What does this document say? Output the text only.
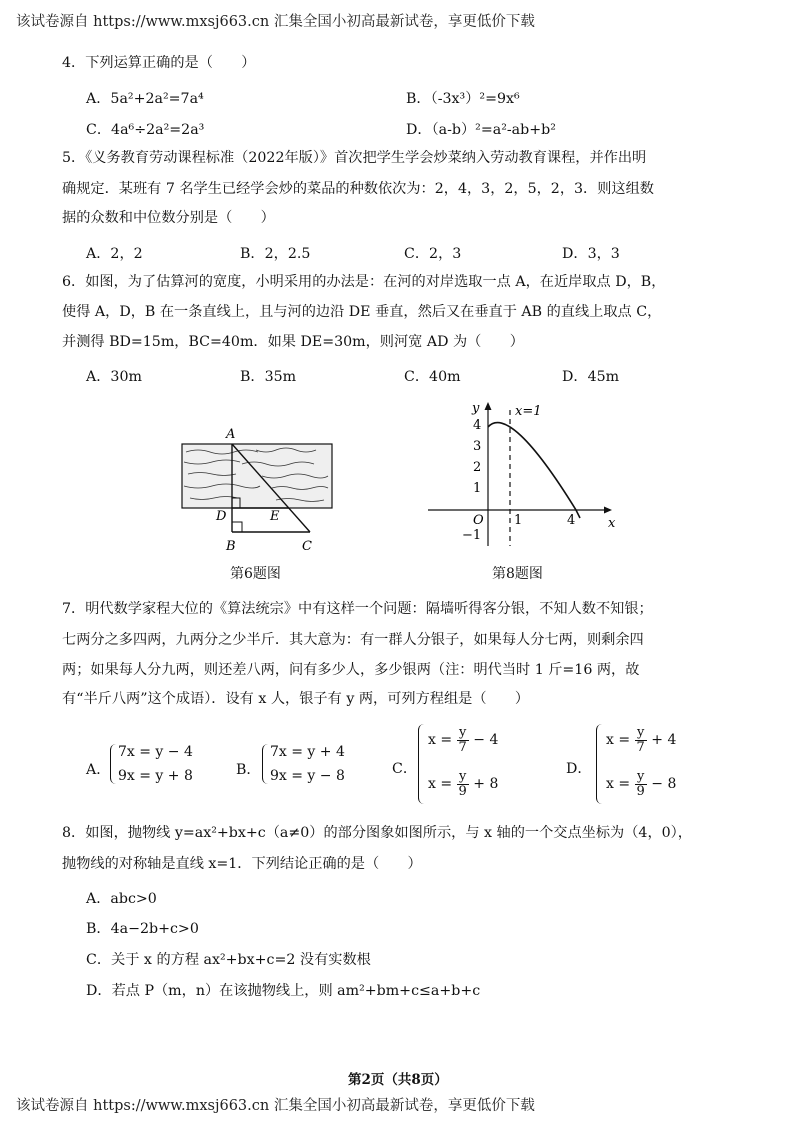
该试卷源自 https://www.mxsj663.cn 汇集全国小初高最新试卷，享更低价下载
4．下列运算正确的是（　　）
A．5a²+2a²=7a⁴	B．（-3x³）²=9x⁶
C．4a⁶÷2a²=2a³	D．（a-b）²=a²-ab+b²
5．《义务教育劳动课程标准（2022年版）》首次把学生学会炒菜纳入劳动教育课程，并作出明
确规定．某班有 7 名学生已经学会炒的菜品的种数依次为：2，4，3，2，5，2，3．则这组数
据的众数和中位数分别是（　　）
A．2，2	B．2，2.5	C．2，3	D．3，3
6．如图，为了估算河的宽度，小明采用的办法是：在河的对岸选取一点 A，在近岸取点 D，B，
使得 A，D，B 在一条直线上，且与河的边沿 DE 垂直，然后又在垂直于 AB 的直线上取点 C，
并测得 BD=15m，BC=40m．如果 DE=30m，则河宽 AD 为（　　）
A．30m	B．35m	C．40m	D．45m
A
D	E
B	C
第6题图
y
x
x=1
O
4
3
2
1
−1
1	4
第8题图
7．明代数学家程大位的《算法统宗》中有这样一个问题：隔墙听得客分银，不知人数不知银；
七两分之多四两，九两分之少半斤．其大意为：有一群人分银子，如果每人分七两，则剩余四
两；如果每人分九两，则还差八两，问有多少人，多少银两（注：明代当时 1 斤=16 两，故
有“半斤八两”这个成语）．设有 x 人，银子有 y 两，可列方程组是（　　）
A．
7x = y − 4
9x = y + 8	B．
7x = y + 4
9x = y − 8	C．
$x = \frac{y}{7} - 4$
$x = \frac{y}{9} + 8$
D．
$x = \frac{y}{7} + 4$
$x = \frac{y}{9} - 8$
8．如图，抛物线 y=ax²+bx+c（a≠0）的部分图象如图所示，与 x 轴的一个交点坐标为（4，0），
抛物线的对称轴是直线 x=1．下列结论正确的是（　　）
A．abc>0
B．4a−2b+c>0
C．关于 x 的方程 ax²+bx+c=2 没有实数根
D．若点 P（m，n）在该抛物线上，则 am²+bm+c≤a+b+c
第2页（共8页）
该试卷源自 https://www.mxsj663.cn 汇集全国小初高最新试卷，享更低价下载
